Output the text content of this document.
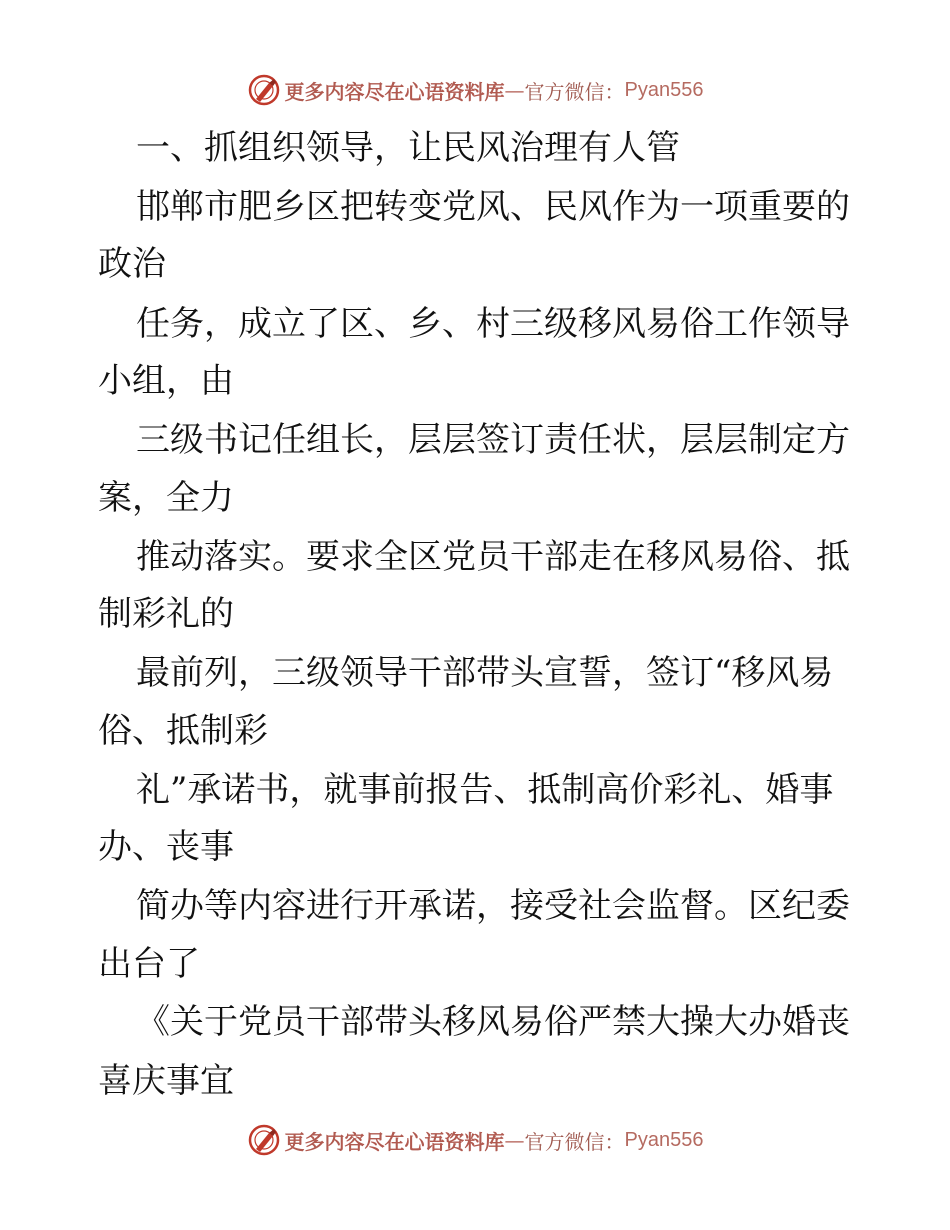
更多内容尽在心语资料库 — 官方微信： Pyan556
一、抓组织领导，让民风治理有人管
邯郸市肥乡区把转变党风、民风作为一项重要的
政治
任务，成立了区、乡、村三级移风易俗工作领导
小组，由
三级书记任组长，层层签订责任状，层层制定方
案，全力
推动落实。要求全区党员干部走在移风易俗、抵
制彩礼的
最前列，三级领导干部带头宣誓，签订“移风易
俗、抵制彩
礼”承诺书，就事前报告、抵制高价彩礼、婚事
办、丧事
简办等内容进行开承诺，接受社会监督。区纪委
出台了
《关于党员干部带头移风易俗严禁大操大办婚丧
喜庆事宜
更多内容尽在心语资料库 — 官方微信： Pyan556
